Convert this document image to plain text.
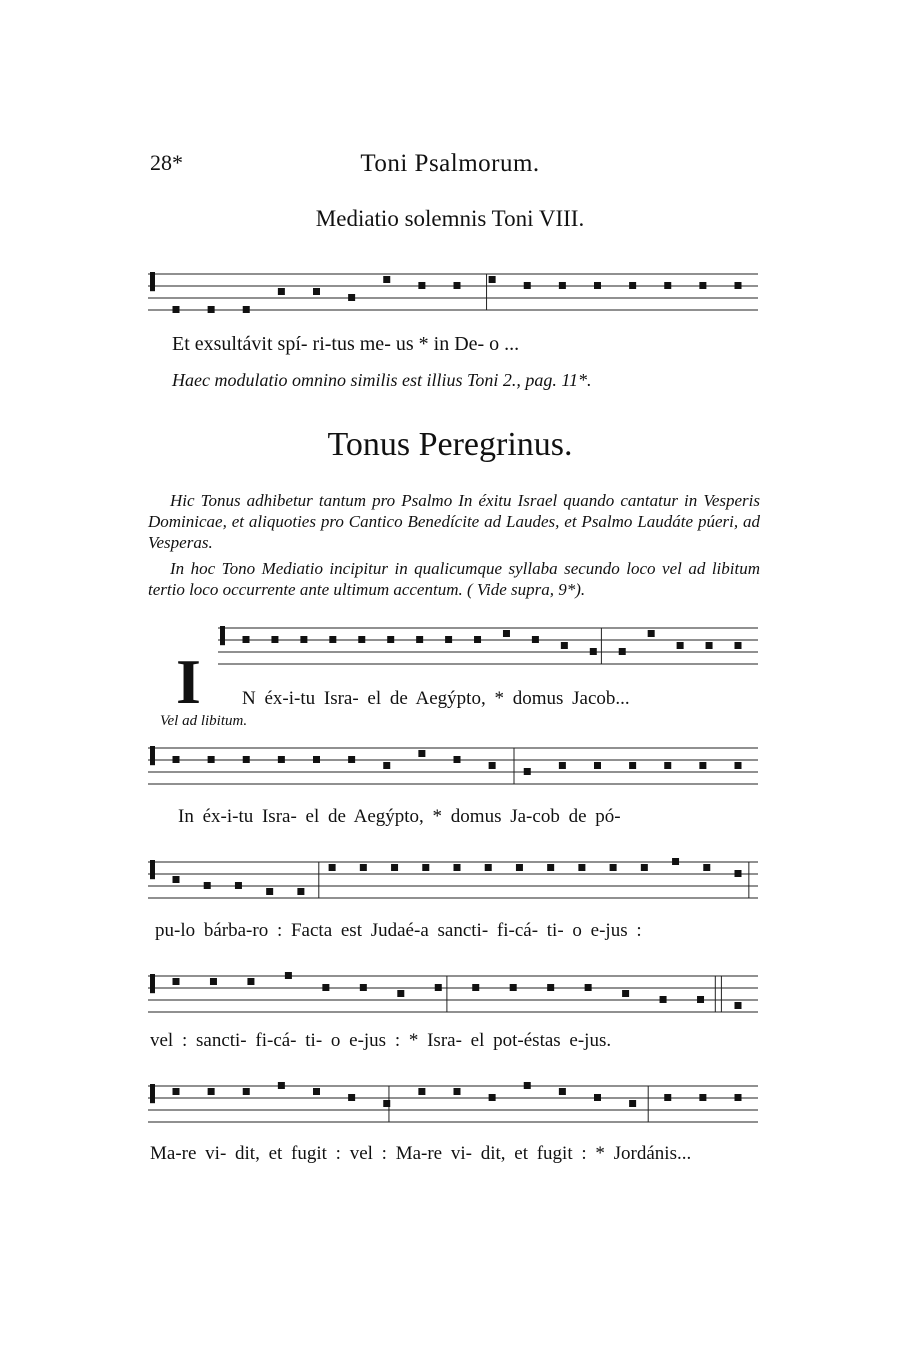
28*	Toni Psalmorum.
Mediatio solemnis Toni VIII.
Et exsultávit spí- ri-tus me- us * in De- o ...
Haec modulatio omnino similis est illius Toni 2., pag. 11*.
Tonus Peregrinus.
Hic Tonus adhibetur tantum pro Psalmo In éxitu Israel quando cantatur in Vesperis Dominicae, et aliquoties pro Cantico Benedícite ad Laudes, et Psalmo Laudáte púeri, ad Vesperas.
In hoc Tono Mediatio incipitur in qualicumque syllaba secundo loco vel ad libitum tertio loco occurrente ante ultimum accentum. ( Vide supra, 9*).
I N éx-i-tu Isra- el de Aegýpto, * domus Jacob...
Vel ad libitum.
In éx-i-tu Isra- el de Aegýpto, * domus Ja-cob de pó-
pu-lo bárba-ro : Facta est Judaé-a sancti- fi-cá- ti- o e-jus :
vel : sancti- fi-cá- ti- o e-jus : * Isra- el pot-éstas e-jus.
Ma-re vi- dit, et fugit : vel : Ma-re vi- dit, et fugit : * Jordánis...
